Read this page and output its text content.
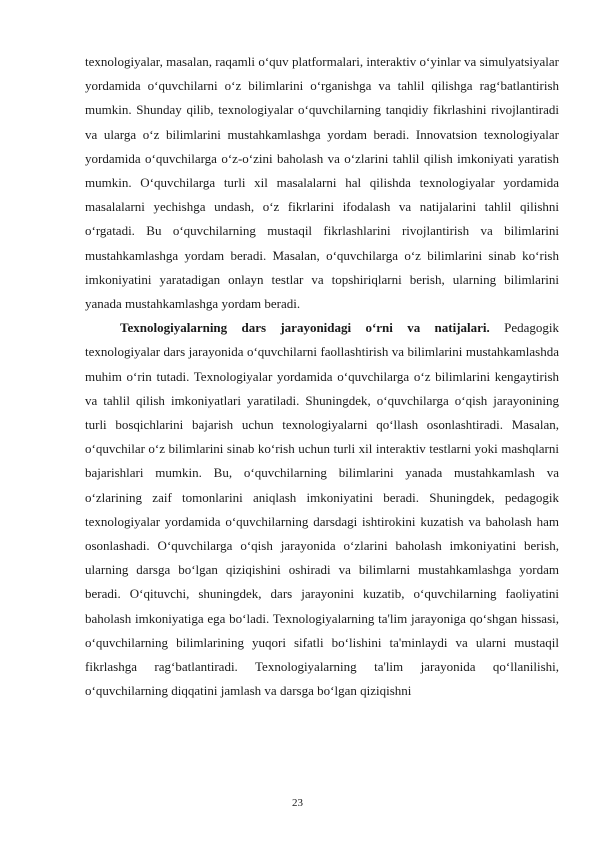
texnologiyalar, masalan, raqamli o‘quv platformalari, interaktiv o‘yinlar va simulyatsiyalar yordamida o‘quvchilarni o‘z bilimlarini o‘rganishga va tahlil qilishga rag‘batlantirish mumkin. Shunday qilib, texnologiyalar o‘quvchilarning tanqidiy fikrlashini rivojlantiradi va ularga o‘z bilimlarini mustahkamlashga yordam beradi. Innovatsion texnologiyalar yordamida o‘quvchilarga o‘z-o‘zini baholash va o‘zlarini tahlil qilish imkoniyati yaratish mumkin. O‘quvchilarga turli xil masalalarni hal qilishda texnologiyalar yordamida masalalarni yechishga undash, o‘z fikrlarini ifodalash va natijalarini tahlil qilishni o‘rgatadi. Bu o‘quvchilarning mustaqil fikrlashlarini rivojlantirish va bilimlarini mustahkamlashga yordam beradi. Masalan, o‘quvchilarga o‘z bilimlarini sinab ko‘rish imkoniyatini yaratadigan onlayn testlar va topshiriqlarni berish, ularning bilimlarini yanada mustahkamlashga yordam beradi.

Texnologiyalarning dars jarayonidagi o‘rni va natijalari. Pedagogik texnologiyalar dars jarayonida o‘quvchilarni faollashtirish va bilimlarini mustahkamlashda muhim o‘rin tutadi. Texnologiyalar yordamida o‘quvchilarga o‘z bilimlarini kengaytirish va tahlil qilish imkoniyatlari yaratiladi. Shuningdek, o‘quvchilarga o‘qish jarayonining turli bosqichlarini bajarish uchun texnologiyalarni qo‘llash osonlashtiradi. Masalan, o‘quvchilar o‘z bilimlarini sinab ko‘rish uchun turli xil interaktiv testlarni yoki mashqlarni bajarishlari mumkin. Bu, o‘quvchilarning bilimlarini yanada mustahkamlash va o‘zlarining zaif tomonlarini aniqlash imkoniyatini beradi. Shuningdek, pedagogik texnologiyalar yordamida o‘quvchilarning darsdagi ishtirokini kuzatish va baholash ham osonlashadi. O‘quvchilarga o‘qish jarayonida o‘zlarini baholash imkoniyatini berish, ularning darsga bo‘lgan qiziqishini oshiradi va bilimlarni mustahkamlashga yordam beradi. O‘qituvchi, shuningdek, dars jarayonini kuzatib, o‘quvchilarning faoliyatini baholash imkoniyatiga ega bo‘ladi. Texnologiyalarning ta'lim jarayoniga qo‘shgan hissasi, o‘quvchilarning bilimlarining yuqori sifatli bo‘lishini ta'minlaydi va ularni mustaqil fikrlashga rag‘batlantiradi. Texnologiyalarning ta'lim jarayonida qo‘llanilishi, o‘quvchilarning diqqatini jamlash va darsga bo‘lgan qiziqishni

23
